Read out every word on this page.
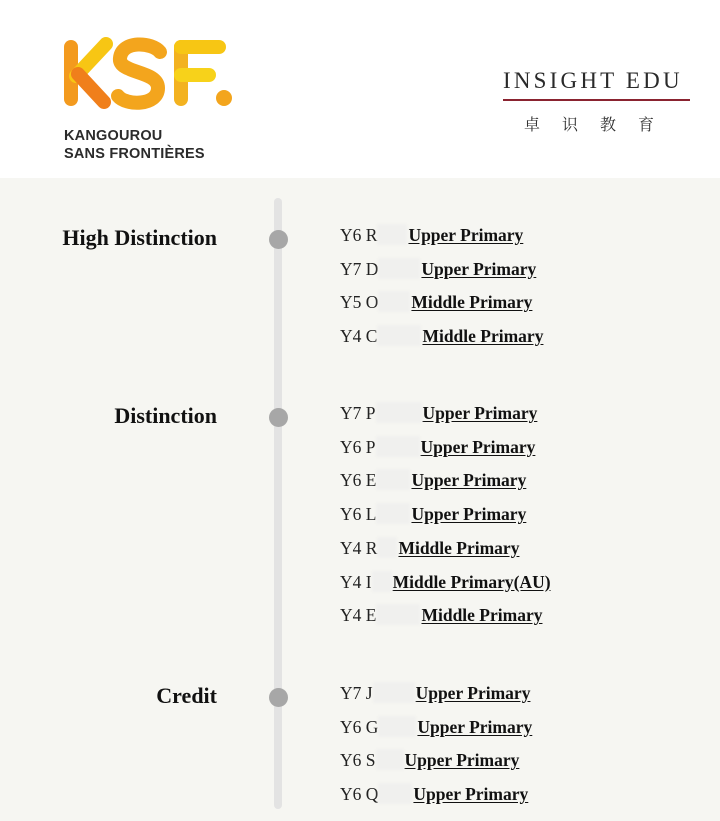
KANGOUROU
SANS FRONTIÈRES
INSIGHT EDU
卓识教育
High Distinction	Y6 R Upper Primary
Y7 D Upper Primary
Y5 O Middle Primary
Y4 C	Middle Primary
Distinction	Y7 P	Upper Primary
Y6 P	Upper Primary
Y6 E Upper Primary
Y6 L Upper Primary
Y4 R Middle Primary
Y4 I Middle Primary(AU)
Y4 E	Middle Primary
Credit	Y7 J Upper Primary
Y6 G Upper Primary
Y6 S Upper Primary
Y6 Q Upper Primary
